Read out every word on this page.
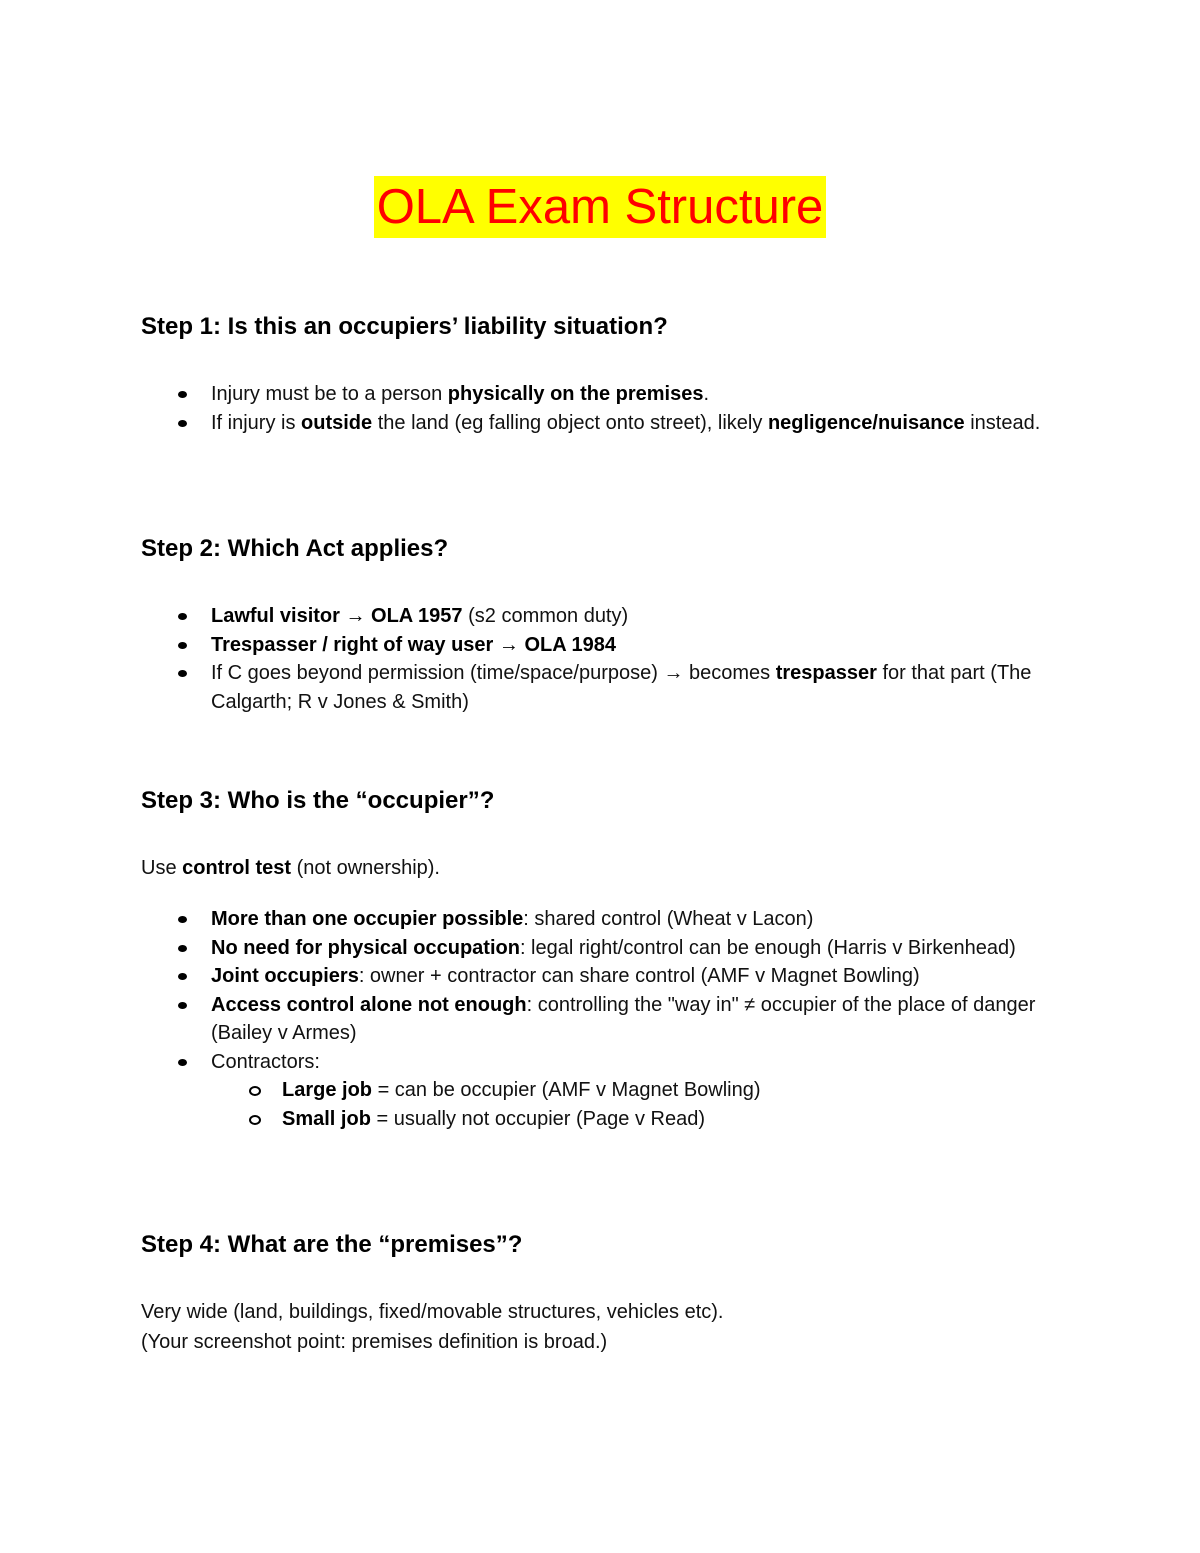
OLA Exam Structure
Step 1: Is this an occupiers’ liability situation?
Injury must be to a person physically on the premises.
If injury is outside the land (eg falling object onto street), likely negligence/nuisance instead.
Step 2: Which Act applies?
Lawful visitor → OLA 1957 (s2 common duty)
Trespasser / right of way user → OLA 1984
If C goes beyond permission (time/space/purpose) → becomes trespasser for that part (The Calgarth; R v Jones & Smith)
Step 3: Who is the “occupier”?

Use control test (not ownership).

More than one occupier possible: shared control (Wheat v Lacon)
No need for physical occupation: legal right/control can be enough (Harris v Birkenhead)
Joint occupiers: owner + contractor can share control (AMF v Magnet Bowling)
Access control alone not enough: controlling the "way in" ≠ occupier of the place of danger (Bailey v Armes)
Contractors:
Large job = can be occupier (AMF v Magnet Bowling)
Small job = usually not occupier (Page v Read)
Step 4: What are the “premises”?

Very wide (land, buildings, fixed/movable structures, vehicles etc).

(Your screenshot point: premises definition is broad.)
